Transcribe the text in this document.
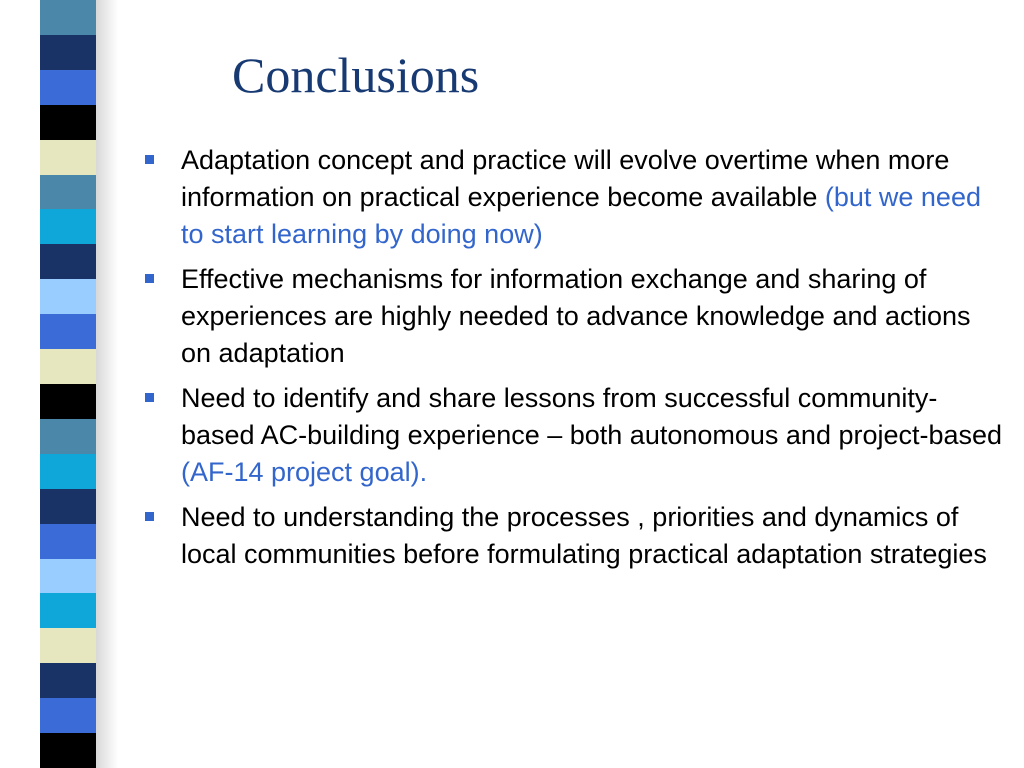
Conclusions
Adaptation concept and practice will evolve overtime when more information on practical experience become available (but we need to start learning by doing now)
Effective mechanisms for information exchange and sharing of experiences are highly needed to advance knowledge and actions on adaptation
Need to identify and share lessons from successful community-based AC-building experience – both autonomous and project-based (AF-14 project goal).
Need to understanding the processes , priorities and dynamics of local communities before formulating practical adaptation strategies
